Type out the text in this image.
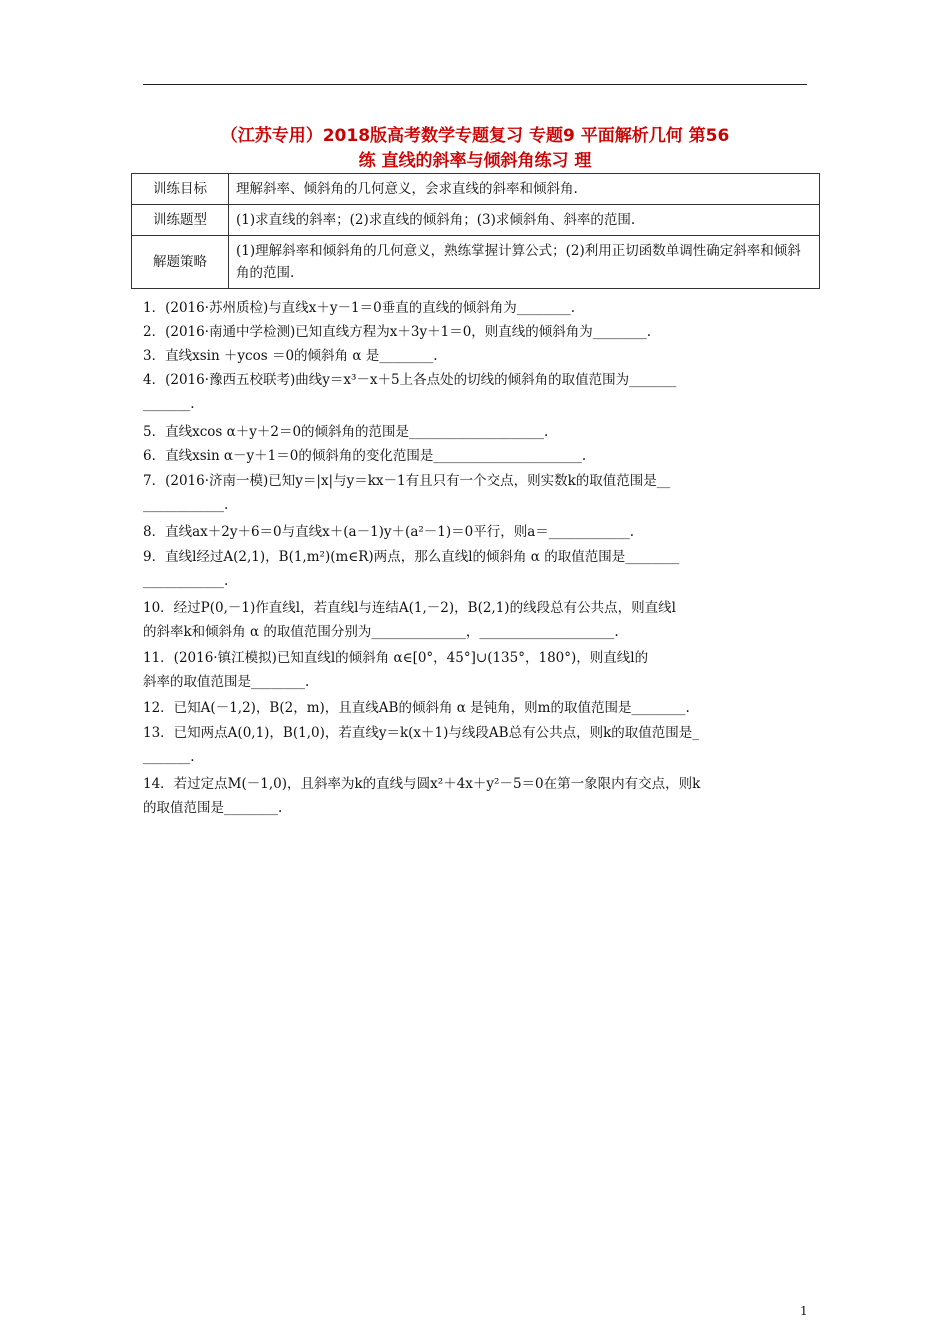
（江苏专用）2018版高考数学专题复习 专题9 平面解析几何 第56
练 直线的斜率与倾斜角练习 理
训练目标	理解斜率、倾斜角的几何意义，会求直线的斜率和倾斜角.
训练题型	(1)求直线的斜率；(2)求直线的倾斜角；(3)求倾斜角、斜率的范围.
解题策略	(1)理解斜率和倾斜角的几何意义，熟练掌握计算公式；(2)利用正切函数单调性确定斜率和倾斜角的范围.
1．(2016·苏州质检)与直线x＋y－1＝0垂直的直线的倾斜角为________.
2．(2016·南通中学检测)已知直线方程为x＋3y＋1＝0，则直线的倾斜角为________.
3．直线xsin ＋ycos ＝0的倾斜角 α 是________.
4．(2016·豫西五校联考)曲线y＝x³－x＋5上各点处的切线的倾斜角的取值范围为_______
_______.
5．直线xcos α＋y＋2＝0的倾斜角的范围是____________________.
6．直线xsin α－y＋1＝0的倾斜角的变化范围是______________________.
7．(2016·济南一模)已知y＝|x|与y＝kx－1有且只有一个交点，则实数k的取值范围是__
____________.
8．直线ax＋2y＋6＝0与直线x＋(a－1)y＋(a²－1)＝0平行，则a＝____________.
9．直线l经过A(2,1)，B(1,m²)(m∈R)两点，那么直线l的倾斜角 α 的取值范围是________
____________.
10．经过P(0,－1)作直线l，若直线l与连结A(1,－2)，B(2,1)的线段总有公共点，则直线l
的斜率k和倾斜角 α 的取值范围分别为______________，____________________.
11．(2016·镇江模拟)已知直线l的倾斜角 α∈[0°，45°]∪(135°，180°)，则直线l的
斜率的取值范围是________.
12．已知A(－1,2)，B(2，m)，且直线AB的倾斜角 α 是钝角，则m的取值范围是________.
13．已知两点A(0,1)，B(1,0)，若直线y＝k(x＋1)与线段AB总有公共点，则k的取值范围是_
_______.
14．若过定点M(－1,0)，且斜率为k的直线与圆x²＋4x＋y²－5＝0在第一象限内有交点，则k
的取值范围是________.
1
